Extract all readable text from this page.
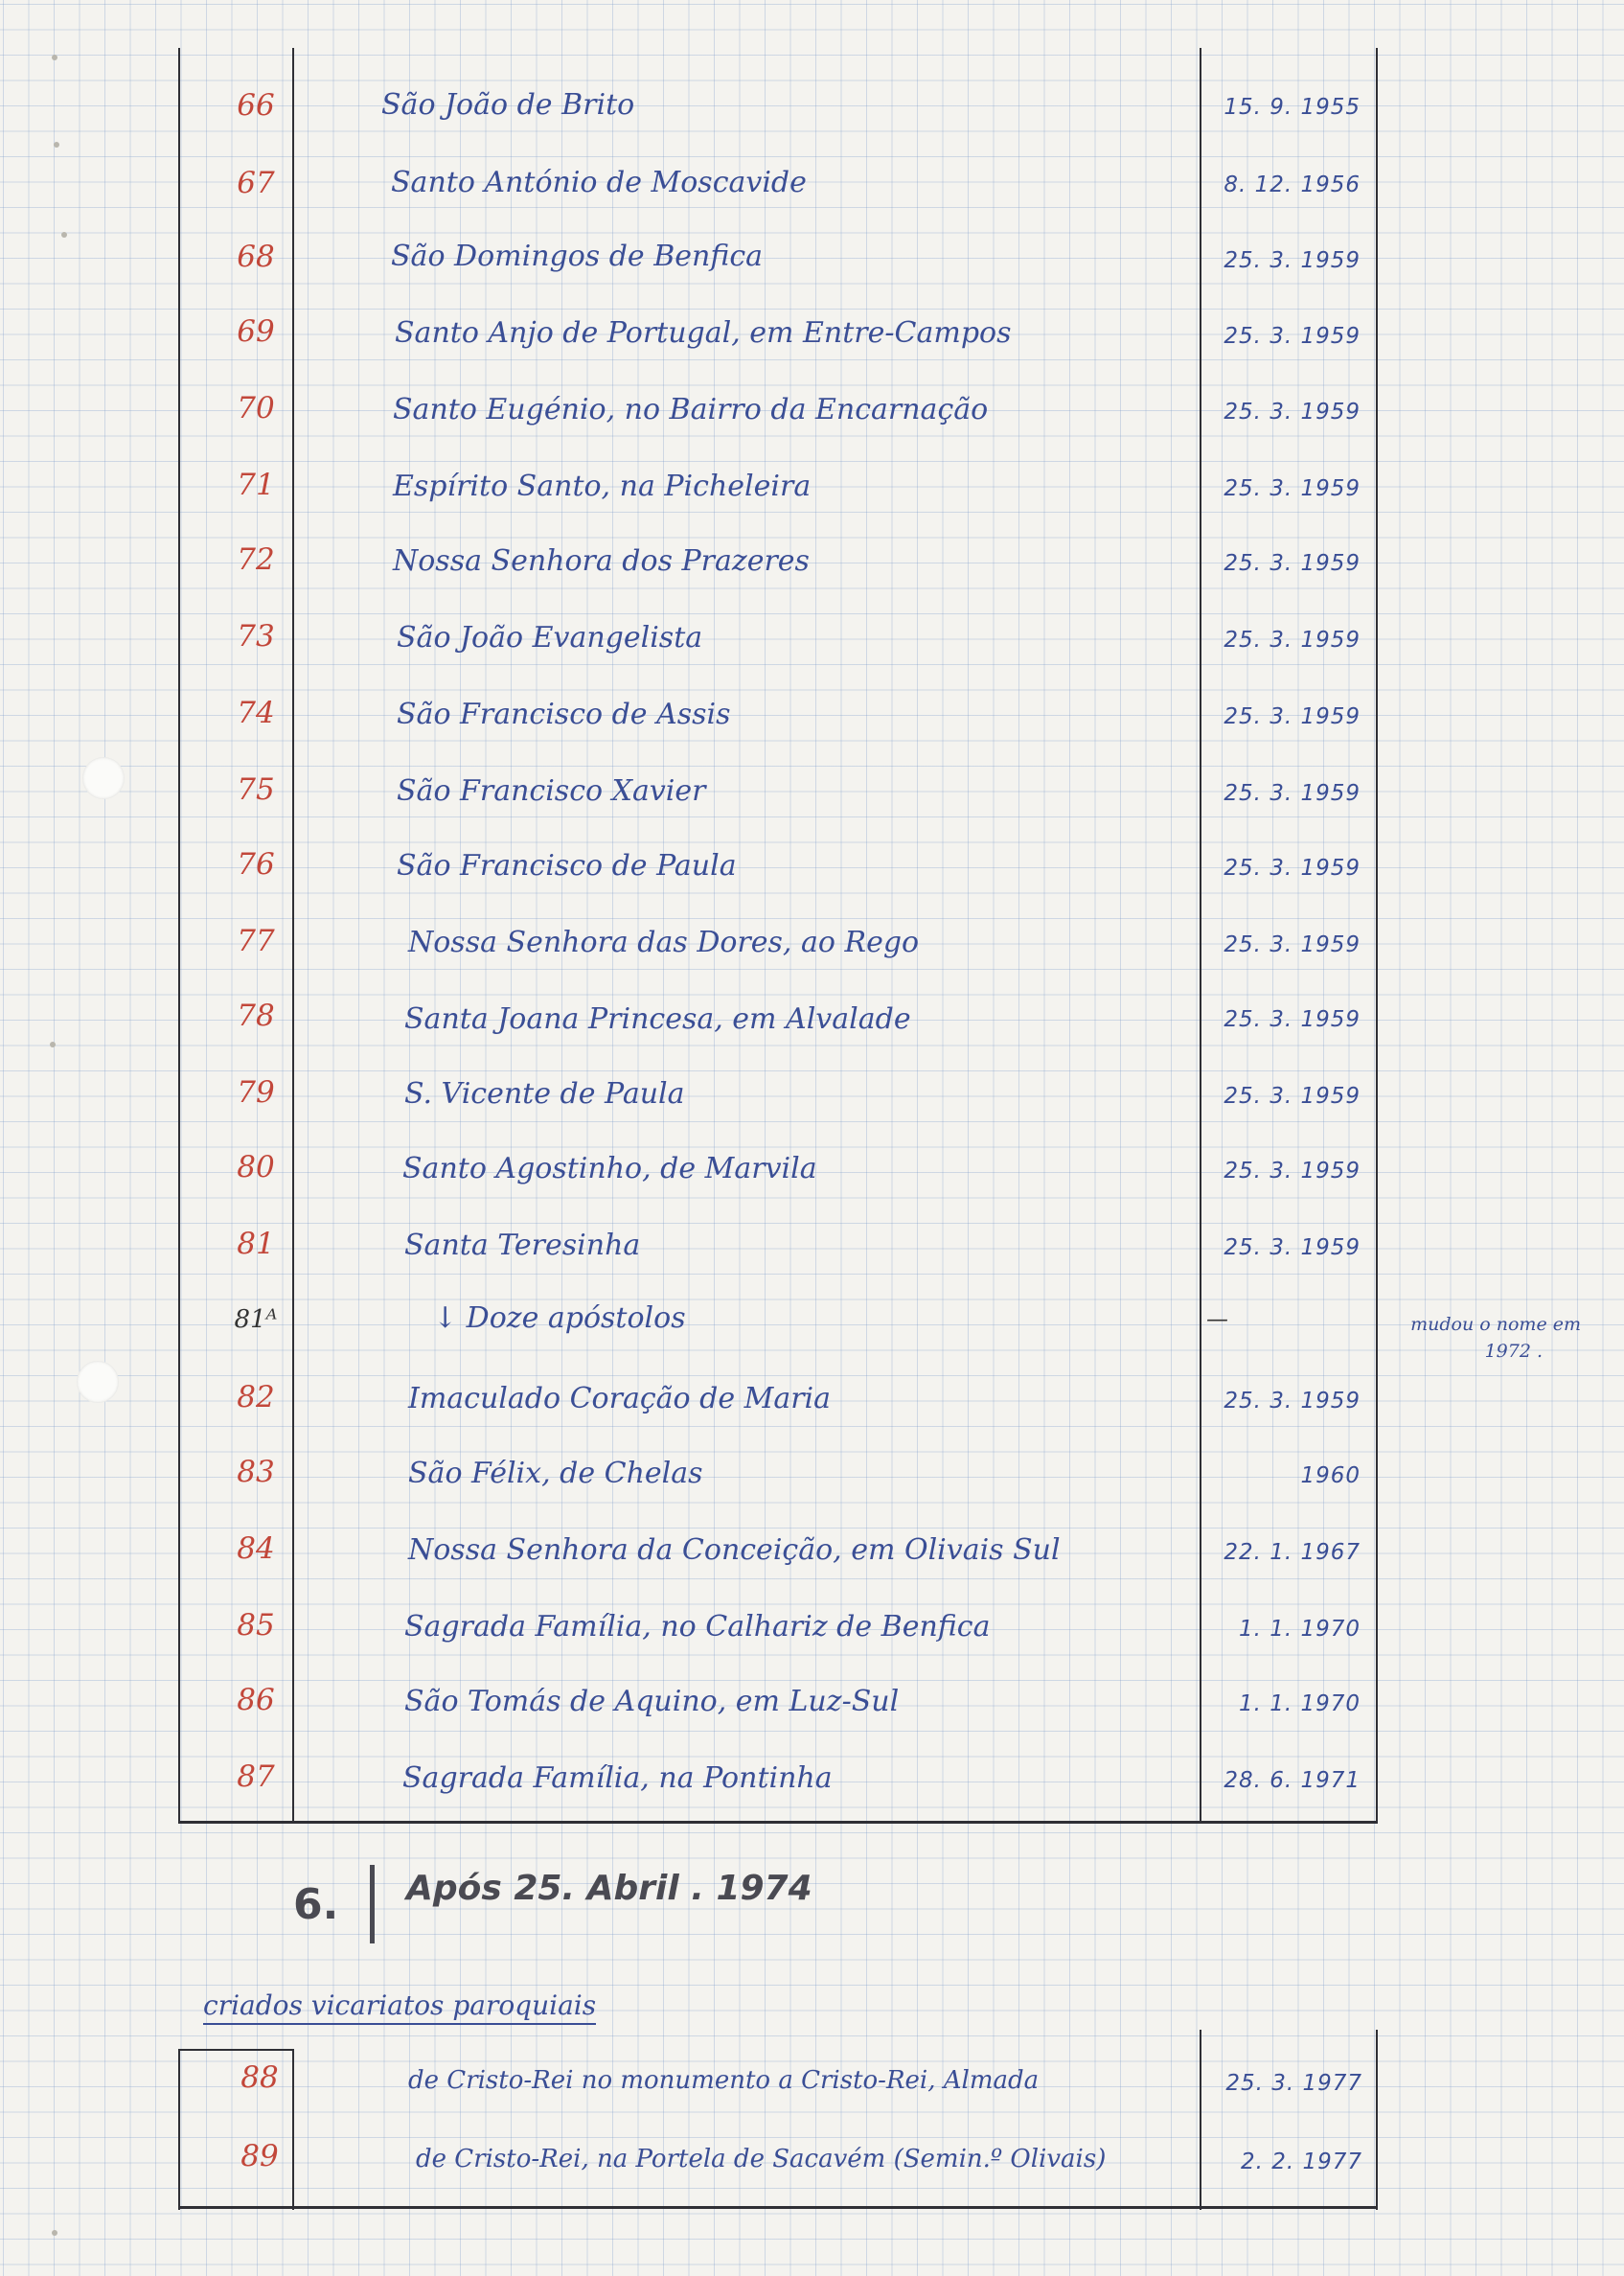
66	São João de Brito	15. 9. 1955
67	Santo António de Moscavide	8. 12. 1956
68	São Domingos de Benfica	25. 3. 1959
69	Santo Anjo de Portugal, em Entre-Campos	25. 3. 1959
70	Santo Eugénio, no Bairro da Encarnação	25. 3. 1959
71	Espírito Santo, na Picheleira	25. 3. 1959
72	Nossa Senhora dos Prazeres	25. 3. 1959
73	São João Evangelista	25. 3. 1959
74	São Francisco de Assis	25. 3. 1959
75	São Francisco Xavier	25. 3. 1959
76	São Francisco de Paula	25. 3. 1959
77	Nossa Senhora das Dores, ao Rego	25. 3. 1959
78	Santa Joana Princesa, em Alvalade	25. 3. 1959
79	S. Vicente de Paula	25. 3. 1959
80	Santo Agostinho, de Marvila	25. 3. 1959
81	Santa Teresinha	25. 3. 1959
81ᴬ	↓ Doze apóstolos	—	mudou o nome em
1972 .
82	Imaculado Coração de Maria	25. 3. 1959
83	São Félix, de Chelas	1960
84	Nossa Senhora da Conceição, em Olivais Sul	22. 1. 1967
85	Sagrada Família, no Calhariz de Benfica	1. 1. 1970
86	São Tomás de Aquino, em Luz-Sul	1. 1. 1970
87	Sagrada Família, na Pontinha	28. 6. 1971
6. Após 25. Abril . 1974
criados vicariatos paroquiais
88	de Cristo-Rei no monumento a Cristo-Rei, Almada	25. 3. 1977
89	de Cristo-Rei, na Portela de Sacavém (Semin.º Olivais)	2. 2. 1977
